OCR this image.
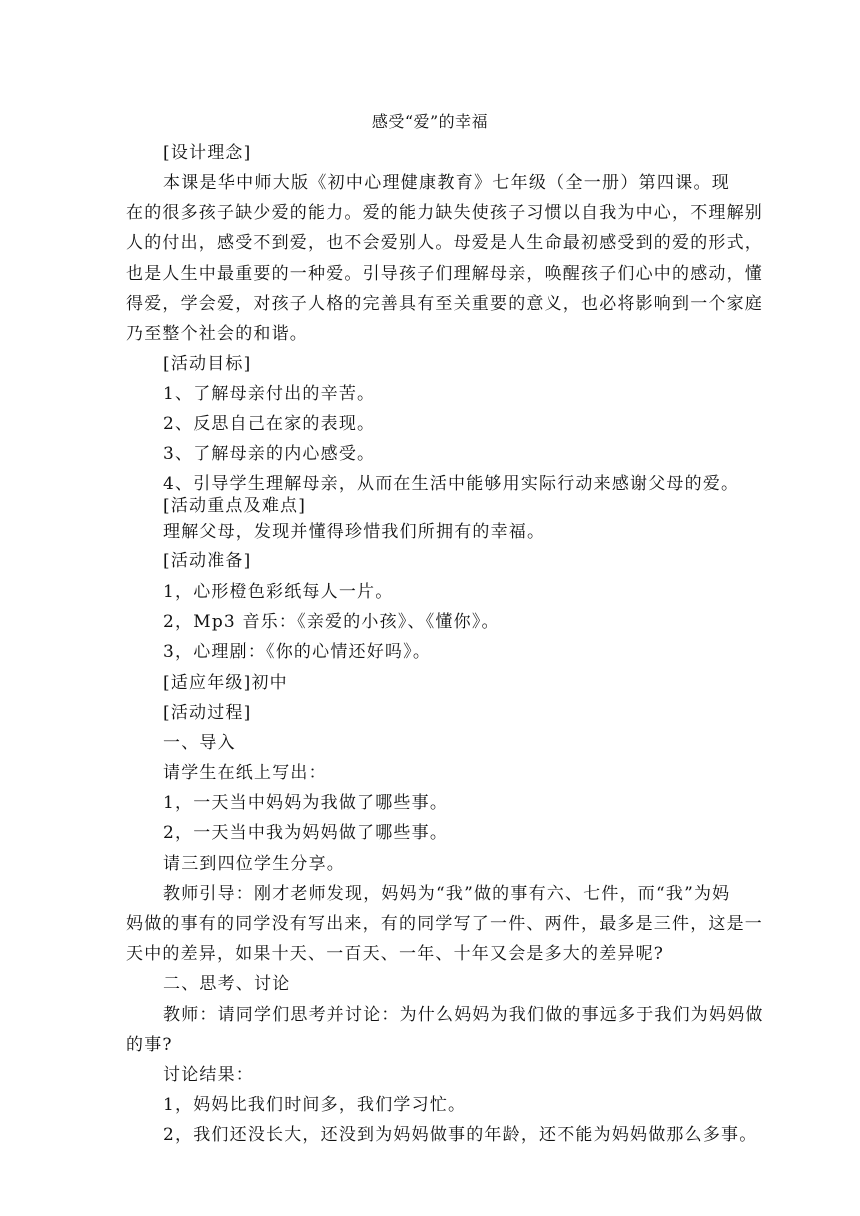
感受“爱”的幸福
[设计理念]
本课是华中师大版《初中心理健康教育》七年级（全一册）第四课。现
在的很多孩子缺少爱的能力。爱的能力缺失使孩子习惯以自我为中心，不理解别
人的付出，感受不到爱，也不会爱别人。母爱是人生命最初感受到的爱的形式，
也是人生中最重要的一种爱。引导孩子们理解母亲，唤醒孩子们心中的感动，懂
得爱，学会爱，对孩子人格的完善具有至关重要的意义，也必将影响到一个家庭
乃至整个社会的和谐。
[活动目标]
1、了解母亲付出的辛苦。
2、反思自己在家的表现。
3、了解母亲的内心感受。
4、引导学生理解母亲，从而在生活中能够用实际行动来感谢父母的爱。
[活动重点及难点]
理解父母，发现并懂得珍惜我们所拥有的幸福。
[活动准备]
1，心形橙色彩纸每人一片。
2，Mp3 音乐：《亲爱的小孩》、《懂你》。
3，心理剧：《你的心情还好吗》。
[适应年级]初中
[活动过程]
一、导入
请学生在纸上写出：
1，一天当中妈妈为我做了哪些事。
2，一天当中我为妈妈做了哪些事。
请三到四位学生分享。
教师引导：刚才老师发现，妈妈为“我”做的事有六、七件，而“我”为妈
妈做的事有的同学没有写出来，有的同学写了一件、两件，最多是三件，这是一
天中的差异，如果十天、一百天、一年、十年又会是多大的差异呢?
二、思考、讨论
教师：请同学们思考并讨论：为什么妈妈为我们做的事远多于我们为妈妈做
的事?
讨论结果：
1，妈妈比我们时间多，我们学习忙。
2，我们还没长大，还没到为妈妈做事的年龄，还不能为妈妈做那么多事。
